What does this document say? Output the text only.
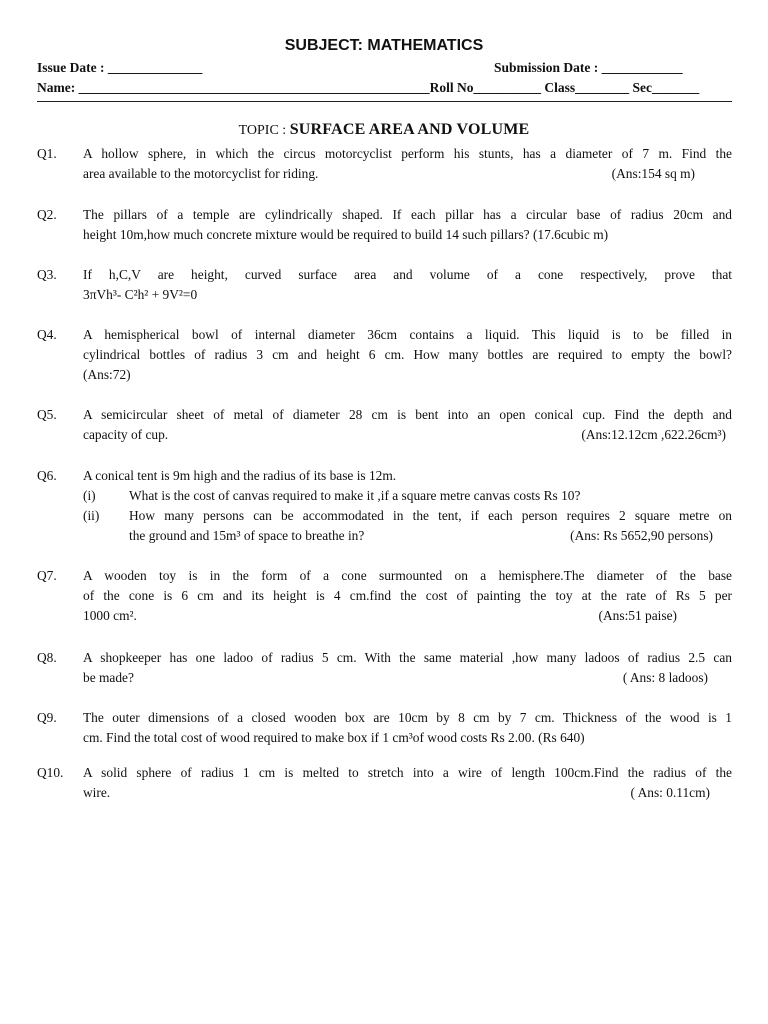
SUBJECT: MATHEMATICS
Issue Date : ______________	Submission Date : ____________
Name: ____________________________________________________Roll No__________ Class________ Sec_______
TOPIC : SURFACE AREA AND VOLUME
Q1.	A hollow sphere, in which the circus motorcyclist perform his stunts, has a diameter of 7 m. Find the
area available to the motorcyclist for riding.	(Ans:154 sq m)
Q2.	The pillars of a temple are cylindrically shaped. If each pillar has a circular base of radius 20cm and
height 10m,how much concrete mixture would be required to build 14 such pillars? (17.6cubic m)
Q3.	If h,C,V are height, curved surface area and volume of a cone respectively, prove that
3πVh³- C²h² + 9V²=0
Q4.	A hemispherical bowl of internal diameter 36cm contains a liquid. This liquid is to be filled in
cylindrical bottles of radius 3 cm and height 6 cm. How many bottles are required to empty the bowl?
(Ans:72)
Q5.	A semicircular sheet of metal of diameter 28 cm is bent into an open conical cup. Find the depth and
capacity of cup.	(Ans:12.12cm ,622.26cm³)
Q6.	A conical tent is 9m high and the radius of its base is 12m.
(i)	What is the cost of canvas required to make it ,if a square metre canvas costs Rs 10?
(ii)	How many persons can be accommodated in the tent, if each person requires 2 square metre on
the ground and 15m³ of space to breathe in?	(Ans: Rs 5652,90 persons)
Q7.	A wooden toy is in the form of a cone surmounted on a hemisphere.The diameter of the base
of the cone is 6 cm and its height is 4 cm.find the cost of painting the toy at the rate of Rs 5 per
1000 cm².	(Ans:51 paise)
Q8.	A shopkeeper has one ladoo of radius 5 cm. With the same material ,how many ladoos of radius 2.5 can
be made?	( Ans: 8 ladoos)
Q9.	The outer dimensions of a closed wooden box are 10cm by 8 cm by 7 cm. Thickness of the wood is 1
cm. Find the total cost of wood required to make box if 1 cm³of wood costs Rs 2.00. (Rs 640)
Q10.	A solid sphere of radius 1 cm is melted to stretch into a wire of length 100cm.Find the radius of the
wire.	( Ans: 0.11cm)
